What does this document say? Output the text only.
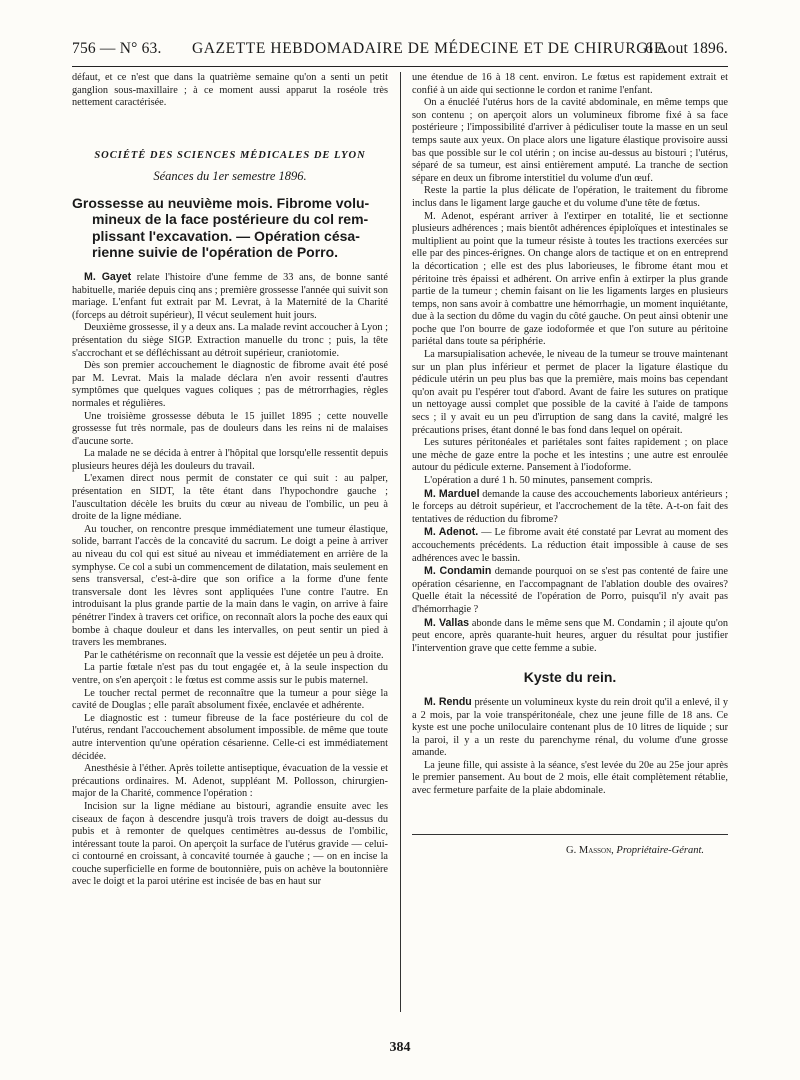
756 — N° 63. GAZETTE HEBDOMADAIRE DE MÉDECINE ET DE CHIRURGIE.
6 Aout 1896.

défaut, et ce n'est que dans la quatrième semaine qu'on a senti un petit ganglion sous-maxillaire ; à ce moment aussi apparut la roséole très nettement caractérisée.

SOCIÉTÉ DES SCIENCES MÉDICALES DE LYON

Séances du 1er semestre 1896.

Grossesse au neuvième mois. Fibrome volu-
mineux de la face postérieure du col rem-
plissant l'excavation. — Opération césa-
rienne suivie de l'opération de Porro.

M. Gayet relate l'histoire d'une femme de 33 ans, de bonne santé habituelle, mariée depuis cinq ans ; première grossesse l'année qui suivit son mariage. L'enfant fut extrait par M. Levrat, à la Maternité de la Charité (forceps au détroit supérieur), Il vécut seulement huit jours.

Deuxième grossesse, il y a deux ans. La malade revint accoucher à Lyon ; présentation du siège SIGP. Extraction manuelle du tronc ; puis, la tête s'accrochant et se défléchissant au détroit supérieur, craniotomie.

Dès son premier accouchement le diagnostic de fibrome avait été posé par M. Levrat. Mais la malade déclara n'en avoir ressenti d'autres symptômes que quelques vagues coliques ; pas de métrorrhagies, règles normales et régulières.

Une troisième grossesse débuta le 15 juillet 1895 ; cette nouvelle grossesse fut très normale, pas de douleurs dans les reins ni de malaises d'aucune sorte.

La malade ne se décida à entrer à l'hôpital que lorsqu'elle ressentit depuis plusieurs heures déjà les douleurs du travail.

L'examen direct nous permit de constater ce qui suit : au palper, présentation en SIDT, la tête étant dans l'hypochondre gauche ; l'auscultation décèle les bruits du cœur au niveau de l'ombilic, un peu à droite de la ligne médiane.

Au toucher, on rencontre presque immédiatement une tumeur élastique, solide, barrant l'accès de la concavité du sacrum. Le doigt a peine à arriver au niveau du col qui est situé au niveau et immédiatement en arrière de la symphyse. Ce col a subi un commencement de dilatation, mais seulement en sens transversal, c'est-à-dire que son orifice a la forme d'une fente transversale dont les lèvres sont appliquées l'une contre l'autre. En introduisant la plus grande partie de la main dans le vagin, on arrive à faire pénétrer l'index à travers cet orifice, on reconnaît alors la poche des eaux qui bombe à chaque douleur et dans les intervalles, on peut sentir un pied à travers les membranes.

Par le cathétérisme on reconnaît que la vessie est déjetée un peu à droite.

La partie fœtale n'est pas du tout engagée et, à la seule inspection du ventre, on s'en aperçoit : le fœtus est comme assis sur le pubis maternel.

Le toucher rectal permet de reconnaître que la tumeur a pour siège la cavité de Douglas ; elle paraît absolument fixée, enclavée et adhérente.

Le diagnostic est : tumeur fibreuse de la face postérieure du col de l'utérus, rendant l'accouchement absolument impossible. de même que toute autre intervention qu'une opération césarienne. Celle-ci est immédiatement décidée.

Anesthésie à l'éther. Après toilette antiseptique, évacuation de la vessie et précautions ordinaires. M. Adenot, suppléant M. Pollosson, chirurgien-major de la Charité, commence l'opération :

Incision sur la ligne médiane au bistouri, agrandie ensuite avec les ciseaux de façon à descendre jusqu'à trois travers de doigt au-dessus du pubis et à remonter de quelques centimètres au-dessus de l'ombilic, intéressant toute la paroi. On aperçoit la surface de l'utérus gravide — celui-ci contourné en croissant, à concavité tournée à gauche ; — on en incise la couche superficielle en forme de boutonnière, puis on achève la boutonnière avec le doigt et la paroi utérine est incisée de bas en haut sur

une étendue de 16 à 18 cent. environ. Le fœtus est rapidement extrait et confié à un aide qui sectionne le cordon et ranime l'enfant.

On a énucléé l'utérus hors de la cavité abdominale, en même temps que son contenu ; on aperçoit alors un volumineux fibrome fixé à sa face postérieure ; l'impossibilité d'arriver à pédiculiser toute la masse en un seul temps saute aux yeux. On place alors une ligature élastique provisoire aussi bas que possible sur le col utérin ; on incise au-dessus au bistouri ; l'utérus, séparé de sa tumeur, est ainsi entièrement amputé. La tranche de section sépare en deux un fibrome interstitiel du volume d'un œuf.

Reste la partie la plus délicate de l'opération, le traitement du fibrome inclus dans le ligament large gauche et du volume d'une tête de fœtus.

M. Adenot, espérant arriver à l'extirper en totalité, lie et sectionne plusieurs adhérences ; mais bientôt adhérences épiploïques et intestinales se multiplient au point que la tumeur résiste à toutes les tractions exercées sur elle par des pinces-érignes. On change alors de tactique et on en entreprend la décortication ; elle est des plus laborieuses, le fibrome étant mou et péritoine très épaissi et adhérent. On arrive enfin à extirper la plus grande partie de la tumeur ; chemin faisant on lie les ligaments larges en plusieurs temps, non sans avoir à combattre une hémorrhagie, un moment inquiétante, due à la section du dôme du vagin du côté gauche. On peut ainsi obtenir une poche que l'on bourre de gaze iodoformée et que l'on suture au péritoine pariétal dans toute sa périphérie.

La marsupialisation achevée, le niveau de la tumeur se trouve maintenant sur un plan plus inférieur et permet de placer la ligature élastique du pédicule utérin un peu plus bas que la première, mais moins bas cependant qu'on avait pu l'espérer tout d'abord. Avant de faire les sutures on pratique un nettoyage aussi complet que possible de la cavité à l'aide de tampons secs ; il y avait eu un peu d'irruption de sang dans la cavité, malgré les précautions prises, étant donné le bas fond dans lequel on opérait.

Les sutures péritonéales et pariétales sont faites rapidement ; on place une mèche de gaze entre la poche et les intestins ; une autre est enroulée autour du pédicule externe. Pansement à l'iodoforme.

L'opération a duré 1 h. 50 minutes, pansement compris.

M. Marduel demande la cause des accouchements laborieux antérieurs ; le forceps au détroit supérieur, et l'accrochement de la tête. A-t-on fait des tentatives de réduction du fibrome?

M. Adenot. — Le fibrome avait été constaté par Levrat au moment des accouchements précédents. La réduction était impossible à cause de ses adhérences avec le bassin.

M. Condamin demande pourquoi on se s'est pas contenté de faire une opération césarienne, en l'accompagnant de l'ablation double des ovaires? Quelle était la nécessité de l'opération de Porro, puisqu'il n'y avait pas d'hémorrhagie ?

M. Vallas abonde dans le même sens que M. Condamin ; il ajoute qu'on peut encore, après quarante-huit heures, arguer du résultat pour justifier l'intervention grave que cette femme a subie.

Kyste du rein.

M. Rendu présente un volumineux kyste du rein droit qu'il a enlevé, il y a 2 mois, par la voie transpéritonéale, chez une jeune fille de 18 ans. Ce kyste est une poche uniloculaire contenant plus de 10 litres de liquide ; sur la paroi, il y a un reste du parenchyme rénal, du volume d'une grosse amande.

La jeune fille, qui assiste à la séance, s'est levée du 20e au 25e jour après le premier pansement. Au bout de 2 mois, elle était complètement rétablie, avec fermeture parfaite de la plaie abdominale.

G. Masson, Propriétaire-Gérant.

384
